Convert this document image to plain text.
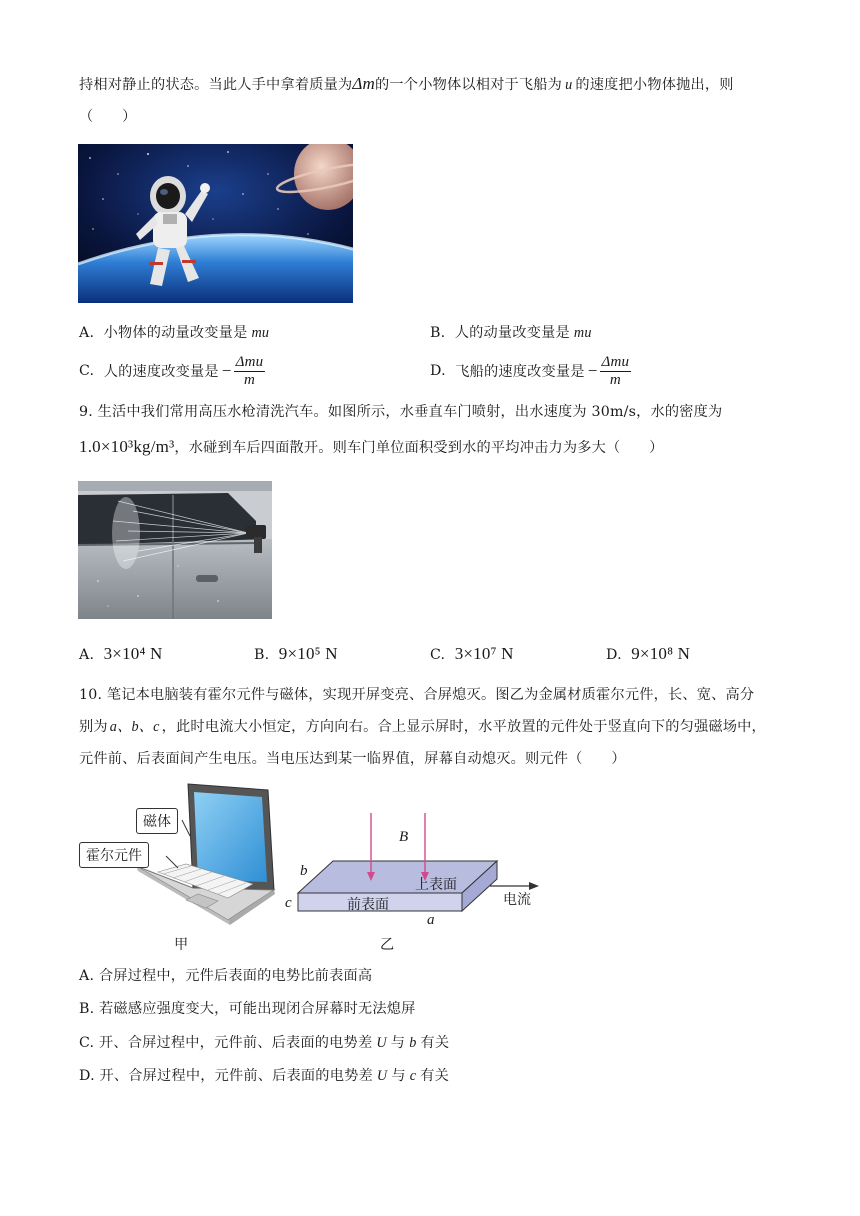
持相对静止的状态。当此人手中拿着质量为Δm的一个小物体以相对于飞船为 u 的速度把小物体抛出，则
（　　）
A. 小物体的动量改变量是 mu	B. 人的动量改变量是 mu
C.
人的速度改变量是 − $\frac{\text{Δmu}}{m}$	D.
飞船的速度改变量是 − $\frac{\text{Δmu}}{m}$
9. 生活中我们常用高压水枪清洗汽车。如图所示，水垂直车门喷射，出水速度为 30m/s，水的密度为
1.0×10³kg/m³，水碰到车后四面散开。则车门单位面积受到水的平均冲击力为多大（　　）
A. 3×10⁴ N	B. 9×10⁵ N	C. 3×10⁷ N	D. 9×10⁸ N
10. 笔记本电脑装有霍尔元件与磁体，实现开屏变亮、合屏熄灭。图乙为金属材质霍尔元件，长、宽、高分
别为 a、b、c ，此时电流大小恒定，方向向右。合上显示屏时，水平放置的元件处于竖直向下的匀强磁场中，
元件前、后表面间产生电压。当电压达到某一临界值，屏幕自动熄灭。则元件（　　）
磁体
霍尔元件
甲
B
b
c
a
上表面
前表面	电流
乙
A. 合屏过程中，元件后表面的电势比前表面高
B. 若磁感应强度变大，可能出现闭合屏幕时无法熄屏
C. 开、合屏过程中，元件前、后表面的电势差 U 与 b 有关
D. 开、合屏过程中，元件前、后表面的电势差 U 与 c 有关
